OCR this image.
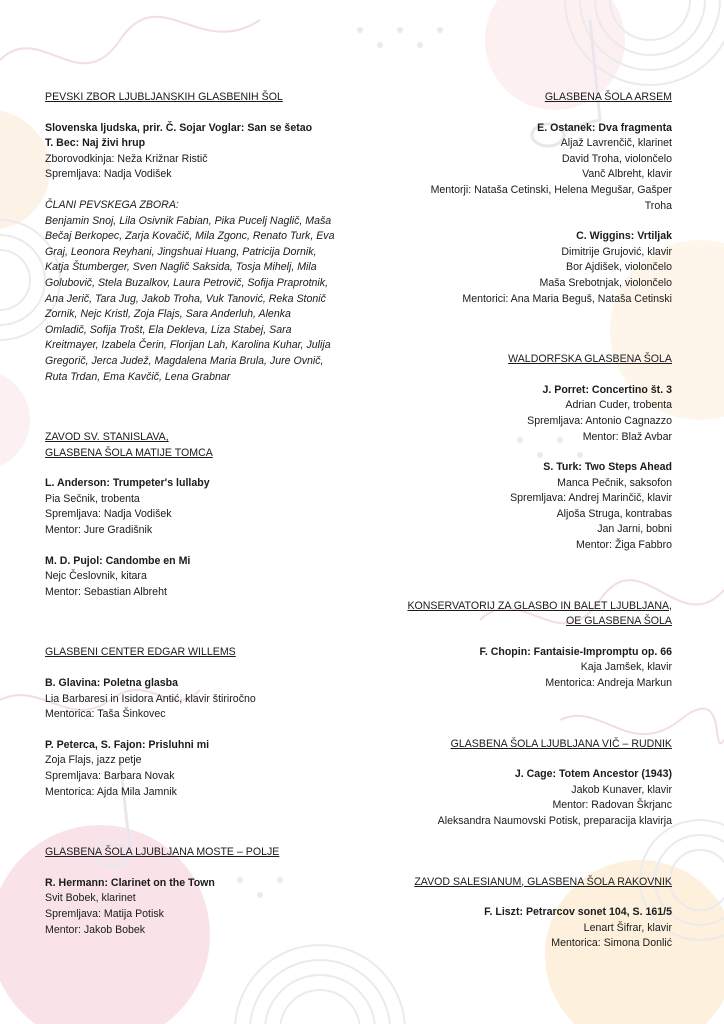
PEVSKI ZBOR LJUBLJANSKIH GLASBENIH ŠOL
Slovenska ljudska, prir. Č. Sojar Voglar: San se šetao
T. Bec: Naj živi hrup
Zborovodkinja: Neža Križnar Ristič
Spremljava: Nadja Vodišek
ČLANI PEVSKEGA ZBORA:
Benjamin Snoj, Lila Osivnik Fabian, Pika Pucelj Naglič, Maša Bečaj Berkopec, Zarja Kovačič, Mila Zgonc, Renato Turk, Eva Graj, Leonora Reyhani, Jingshuai Huang, Patricija Dornik, Katja Štumberger, Sven Naglič Saksida, Tosja Mihelj, Mila Golubovič, Stela Buzalkov, Laura Petrovič, Sofija Praprotnik, Ana Jerič, Tara Jug, Jakob Troha, Vuk Tanović, Reka Stonič Zornik, Nejc Kristl, Zoja Flajs, Sara Anderluh, Alenka Omladič, Sofija Trošt, Ela Dekleva, Liza Stabej, Sara Kreitmayer, Izabela Čerin, Florijan Lah, Karolina Kuhar, Julija Gregorič, Jerca Judež, Magdalena Maria Brula, Jure Ovnič, Ruta Trdan, Ema Kavčič, Lena Grabnar
ZAVOD SV. STANISLAVA,
GLASBENA ŠOLA MATIJE TOMCA
L. Anderson: Trumpeter's lullaby
Pia Sečnik, trobenta
Spremljava: Nadja Vodišek
Mentor: Jure Gradišnik
M. D. Pujol: Candombe en Mi
Nejc Česlovnik, kitara
Mentor: Sebastian Albreht
GLASBENI CENTER EDGAR WILLEMS
B. Glavina: Poletna glasba
Lia Barbaresi in Isidora Antić, klavir štiriročno
Mentorica: Taša Šinkovec
P. Peterca, S. Fajon: Prisluhni mi
Zoja Flajs, jazz petje
Spremljava: Barbara Novak
Mentorica: Ajda Mila Jamnik
GLASBENA ŠOLA LJUBLJANA MOSTE – POLJE
R. Hermann: Clarinet on the Town
Svit Bobek, klarinet
Spremljava: Matija Potisk
Mentor: Jakob Bobek
GLASBENA ŠOLA ARSEM
E. Ostanek: Dva fragmenta
Aljaž Lavrenčič, klarinet
David Troha, violončelo
Vanč Albreht, klavir
Mentorji: Nataša Cetinski, Helena Megušar, Gašper
Troha
C. Wiggins: Vrtiljak
Dimitrije Grujović, klavir
Bor Ajdišek, violončelo
Maša Srebotnjak, violončelo
Mentorici: Ana Maria Beguš, Nataša Cetinski
WALDORFSKA GLASBENA ŠOLA
J. Porret: Concertino št. 3
Adrian Cuder, trobenta
Spremljava: Antonio Cagnazzo
Mentor: Blaž Avbar
S. Turk: Two Steps Ahead
Manca Pečnik, saksofon
Spremljava: Andrej Marinčič, klavir
Aljoša Struga, kontrabas
Jan Jarni, bobni
Mentor: Žiga Fabbro
KONSERVATORIJ ZA GLASBO IN BALET LJUBLJANA,
OE GLASBENA ŠOLA
F. Chopin: Fantaisie-Impromptu op. 66
Kaja Jamšek, klavir
Mentorica: Andreja Markun
GLASBENA ŠOLA LJUBLJANA VIČ – RUDNIK
J. Cage: Totem Ancestor (1943)
Jakob Kunaver, klavir
Mentor: Radovan Škrjanc
Aleksandra Naumovski Potisk, preparacija klavirja
ZAVOD SALESIANUM, GLASBENA ŠOLA RAKOVNIK
F. Liszt: Petrarcov sonet 104, S. 161/5
Lenart Šifrar, klavir
Mentorica: Simona Donlić
